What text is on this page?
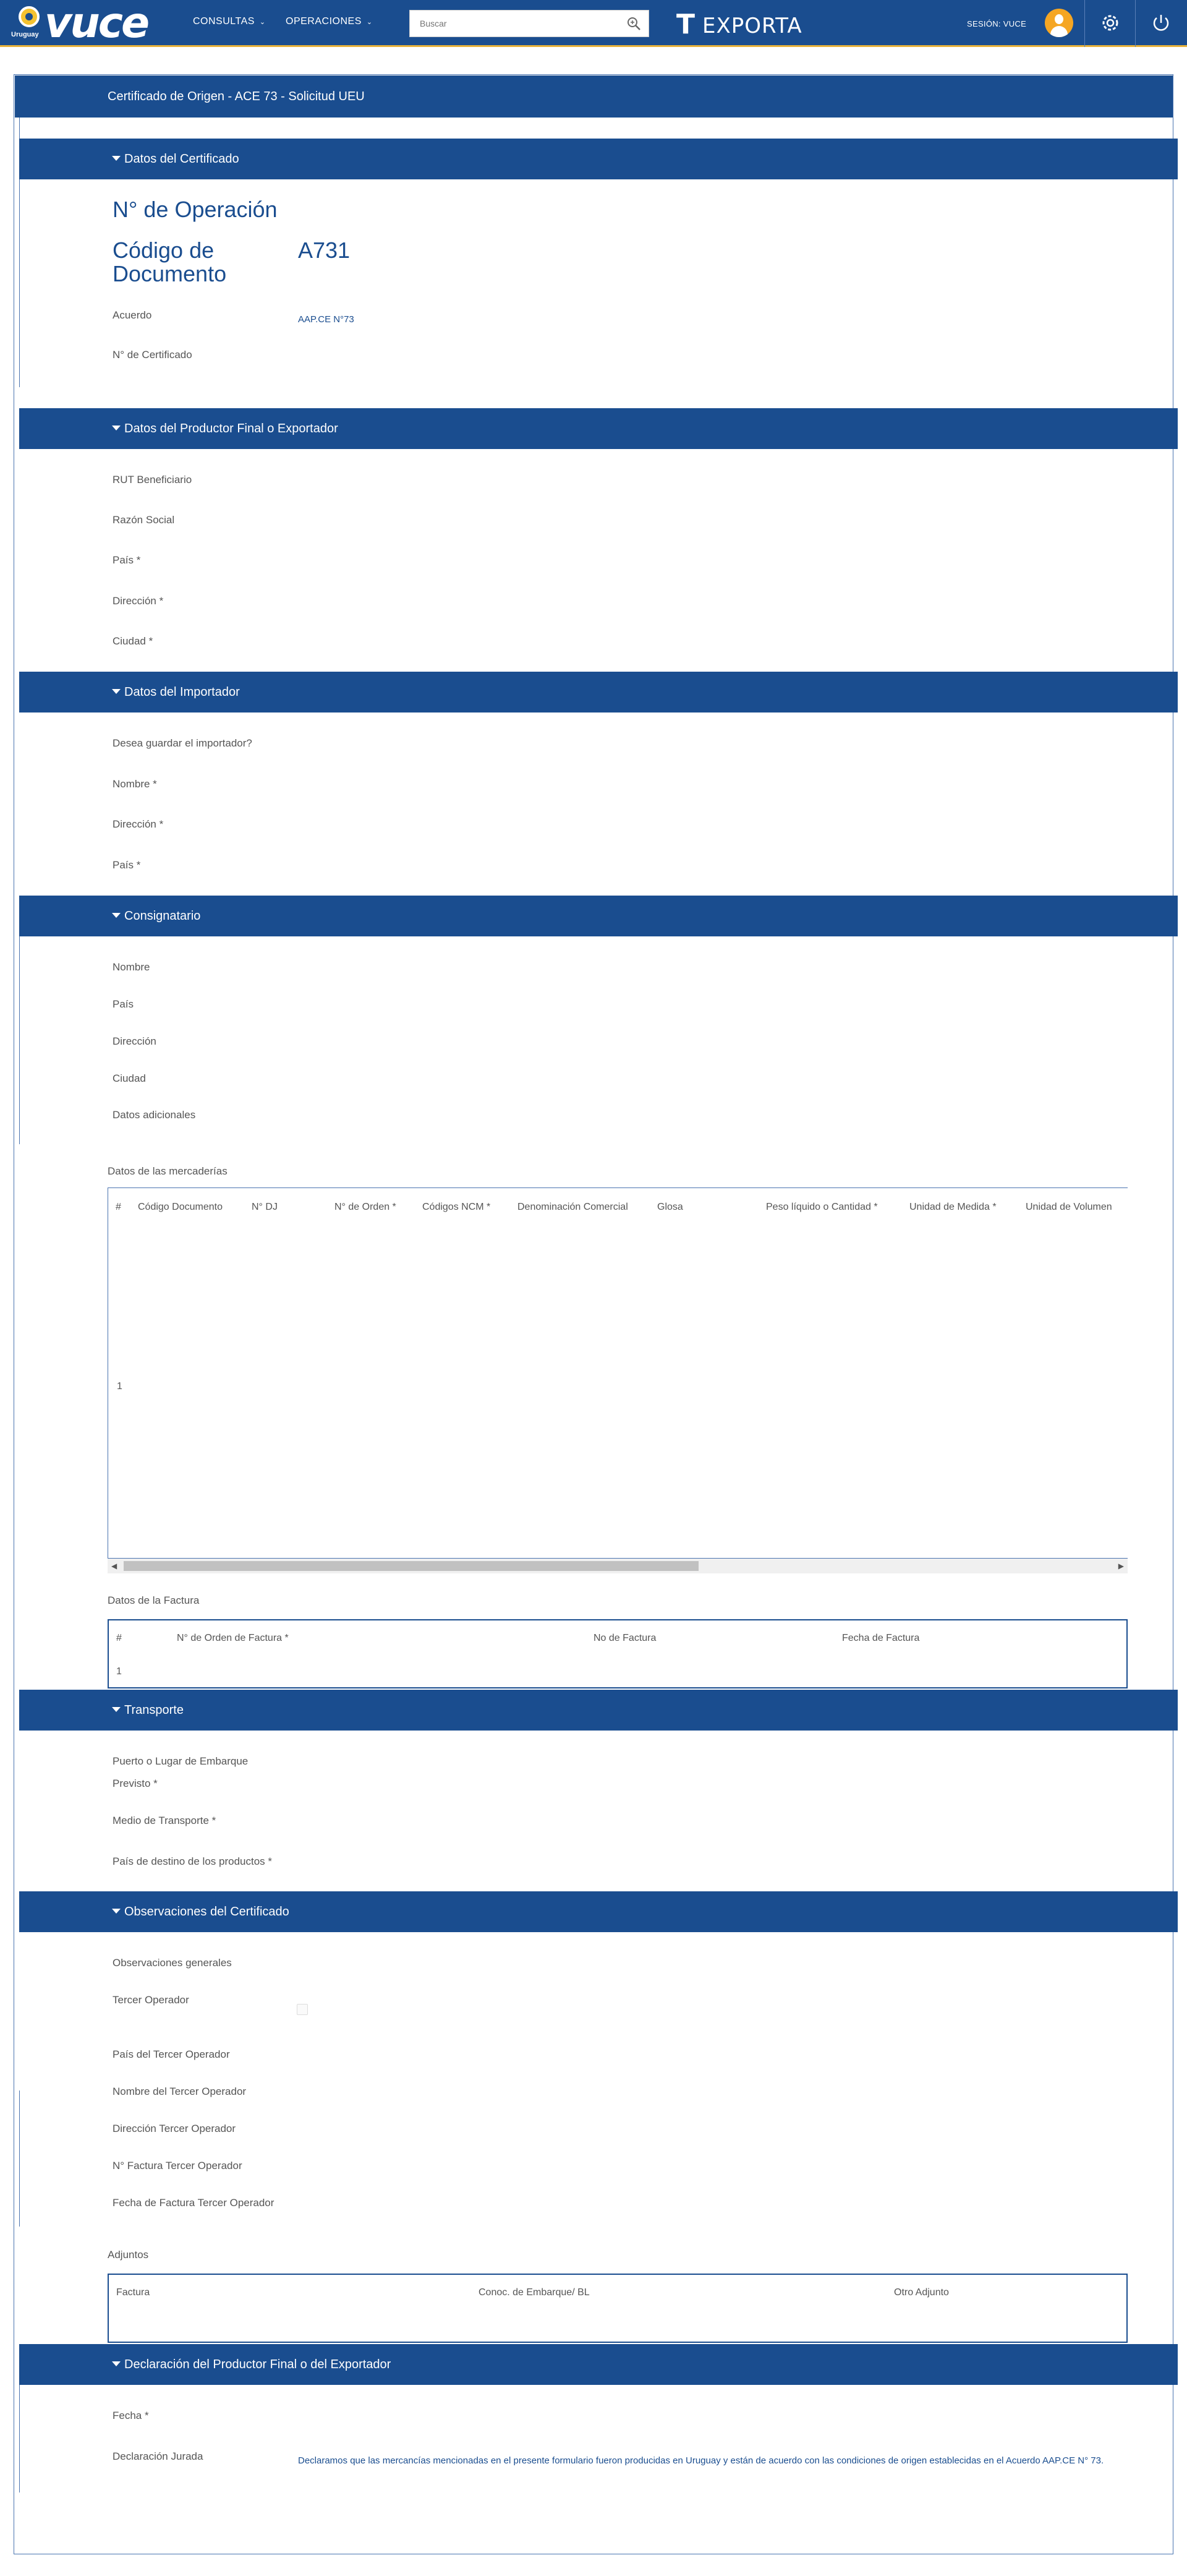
Uruguay vuce	CONSULTAS ⌄ OPERACIONES ⌄
Buscar	T EXPORTA	SESIÓN: VUCE
Certificado de Origen - ACE 73 - Solicitud UEU
Datos del Certificado
N° de Operación
Código de Documento
A731
Acuerdo	AAP.CE N°73
N° de Certificado
Datos del Productor Final o Exportador
RUT Beneficiario
Razón Social
País *
Dirección *
Ciudad *
Datos del Importador
Desea guardar el importador?
Nombre *
Dirección *
País *
Consignatario
Nombre
País
Dirección
Ciudad
Datos adicionales
Datos de las mercaderías
# Código Documento	N° DJ	N° de Orden *	Códigos NCM *	Denominación Comercial	Glosa	Peso líquido o Cantidad *	Unidad de Medida *	Unidad de Volumen
1
◀	▶
Datos de la Factura
#	N° de Orden de Factura *	No de Factura	Fecha de Factura
1
Transporte
Puerto o Lugar de Embarque
Previsto *
Medio de Transporte *
País de destino de los productos *
Observaciones del Certificado
Observaciones generales
Tercer Operador
País del Tercer Operador
Nombre del Tercer Operador
Dirección Tercer Operador
N° Factura Tercer Operador
Fecha de Factura Tercer Operador
Adjuntos
Factura	Conoc. de Embarque/ BL	Otro Adjunto
Declaración del Productor Final o del Exportador
Fecha *
Declaración Jurada	Declaramos que las mercancías mencionadas en el presente formulario fueron producidas en Uruguay y están de acuerdo con las condiciones de origen establecidas en el Acuerdo AAP.CE N° 73.
